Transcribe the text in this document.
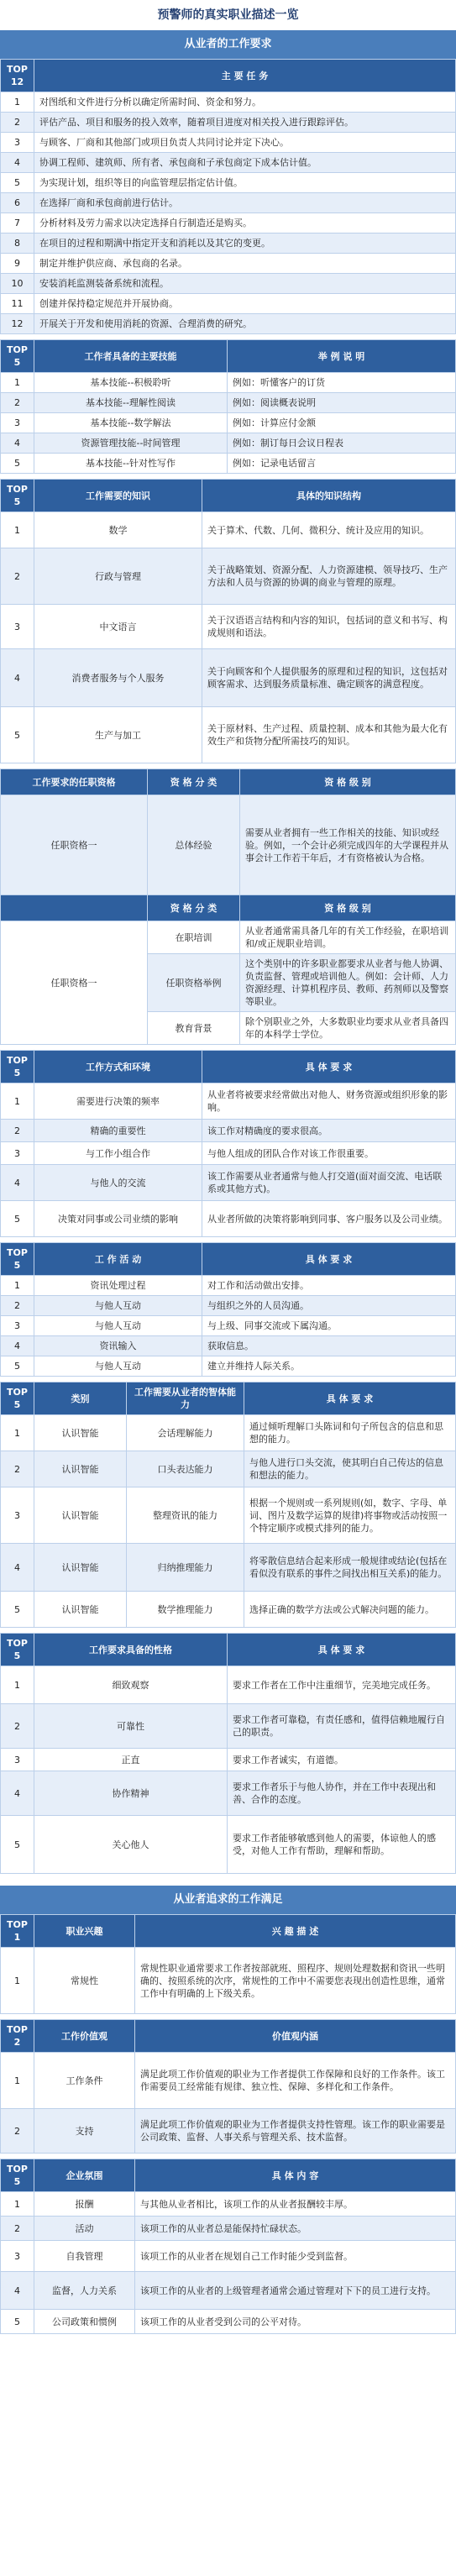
预警师的真实职业描述一览
从业者的工作要求
TOP12	主 要 任 务
1	对图纸和文件进行分析以确定所需时间、资金和努力。
2	评估产品、项目和服务的投入效率，随着项目进度对相关投入进行跟踪评估。
3	与顾客、厂商和其他部门或项目负责人共同讨论并定下决心。
4	协调工程师、建筑师、所有者、承包商和子承包商定下成本估计值。
5	为实现计划，组织等目的向监管理层指定估计值。
6	在选择厂商和承包商前进行估计。
7	分析材料及劳力需求以决定选择自行制造还是购买。
8	在项目的过程和期满中指定开支和消耗以及其它的变更。
9	制定并维护供应商、承包商的名录。
10	安装消耗监测装备系统和流程。
11	创建并保持稳定规范并开展协商。
12	开展关于开发和使用消耗的资源、合理消费的研究。
TOP5	工作者具备的主要技能	举 例 说 明
1	基本技能--积极聆听	例如：听懂客户的订货
2	基本技能--理解性阅读	例如：阅读概表说明
3	基本技能--数学解法	例如：计算应付金额
4	资源管理技能--时间管理	例如：制订每日会议日程表
5	基本技能--针对性写作	例如：记录电话留言
TOP5	工作需要的知识	具体的知识结构
1	数学	关于算术、代数、几何、微积分、统计及应用的知识。
2	行政与管理	关于战略策划、资源分配、人力资源建模、领导技巧、生产方法和人员与资源的协调的商业与管理的原理。
3	中文语言	关于汉语语言结构和内容的知识，包括词的意义和书写、构成规则和语法。
4	消费者服务与个人服务	关于向顾客和个人提供服务的原理和过程的知识，这包括对顾客需求、达到服务质量标准、确定顾客的满意程度。
5	生产与加工	关于原材料、生产过程、质量控制、成本和其他为最大化有效生产和货物分配所需技巧的知识。
工作要求的任职资格	资 格 分 类	资 格 级 别
任职资格一	总体经验	需要从业者拥有一些工作相关的技能、知识或经验。例如，一个会计必须完成四年的大学课程并从事会计工作若干年后，才有资格被认为合格。
	资 格 分 类	资 格 级 别
任职资格一	在职培训	从业者通常需具备几年的有关工作经验，在职培训和/或正规职业培训。
	任职资格举例	这个类别中的许多职业都要求从业者与他人协调、负责监督、管理或培训他人。例如：会计师、人力资源经理、计算机程序员、教师、药剂师以及警察等职业。
	教育背景	除个别职业之外，大多数职业均要求从业者具备四年的本科学士学位。
TOP5	工作方式和环境	具 体 要 求
1	需要进行决策的频率	从业者将被要求经常做出对他人、财务资源或组织形象的影响。
2	精确的重要性	该工作对精确度的要求很高。
3	与工作小组合作	与他人组成的团队合作对该工作很重要。
4	与他人的交流	该工作需要从业者通常与他人打交道(面对面交流、电话联系或其他方式)。
5	决策对同事或公司业绩的影响	从业者所做的决策将影响到同事、客户服务以及公司业绩。
TOP5	工 作 活 动	具 体 要 求
1	资讯处理过程	对工作和活动做出安排。
2	与他人互动	与组织之外的人员沟通。
3	与他人互动	与上级、同事交流或下属沟通。
4	资讯输入	获取信息。
5	与他人互动	建立并维持人际关系。
TOP5	类别	工作需要从业者的智体能力	具 体 要 求
1	认识智能	会话理解能力	通过倾听理解口头陈词和句子所包含的信息和思想的能力。
2	认识智能	口头表达能力	与他人进行口头交流，使其明白自己传达的信息和想法的能力。
3	认识智能	整理资讯的能力	根据一个规则或一系列规则(如，数字、字母、单词、图片及数学运算的规律)将事物或活动按照一个特定顺序或模式排列的能力。
4	认识智能	归纳推理能力	将零散信息结合起来形成一般规律或结论(包括在看似没有联系的事件之间找出相互关系)的能力。
5	认识智能	数学推理能力	选择正确的数学方法或公式解决问题的能力。
TOP5	工作要求具备的性格	具 体 要 求
1	细致观察	要求工作者在工作中注重细节，完美地完成任务。
2	可靠性	要求工作者可靠稳，有责任感和，值得信赖地履行自己的职责。
3	正直	要求工作者诚实，有道德。
4	协作精神	要求工作者乐于与他人协作，并在工作中表现出和善、合作的态度。
5	关心他人	要求工作者能够敏感到他人的需要，体谅他人的感受，对他人工作有帮助，理解和帮助。
从业者追求的工作满足
TOP1	职业兴趣	兴 趣 描 述
1	常规性	常规性职业通常要求工作者按部就班、照程序、规则处理数据和资讯一些明确的、按照系统的次序，常规性的工作中不需要您表现出创造性思维，通常工作中有明确的上下级关系。
TOP2	工作价值观	价值观内涵
1	工作条件	满足此项工作价值观的职业为工作者提供工作保障和良好的工作条件。该工作需要员工经常能有规律、独立性、保障、多样化和工作条件。
2	支持	满足此项工作价值观的职业为工作者提供支持性管理。该工作的职业需要是公司政策、监督、人事关系与管理关系、技术监督。
TOP5	企业氛围	具 体 内 容
1	报酬	与其他从业者相比，该项工作的从业者报酬较丰厚。
2	活动	该项工作的从业者总是能保持忙碌状态。
3	自我管理	该项工作的从业者在规划自己工作时能少受到监督。
4	监督，人力关系	该项工作的从业者的上级管理者通常会通过管理对下下的员工进行支持。
5	公司政策和惯例	该项工作的从业者受到公司的公平对待。
